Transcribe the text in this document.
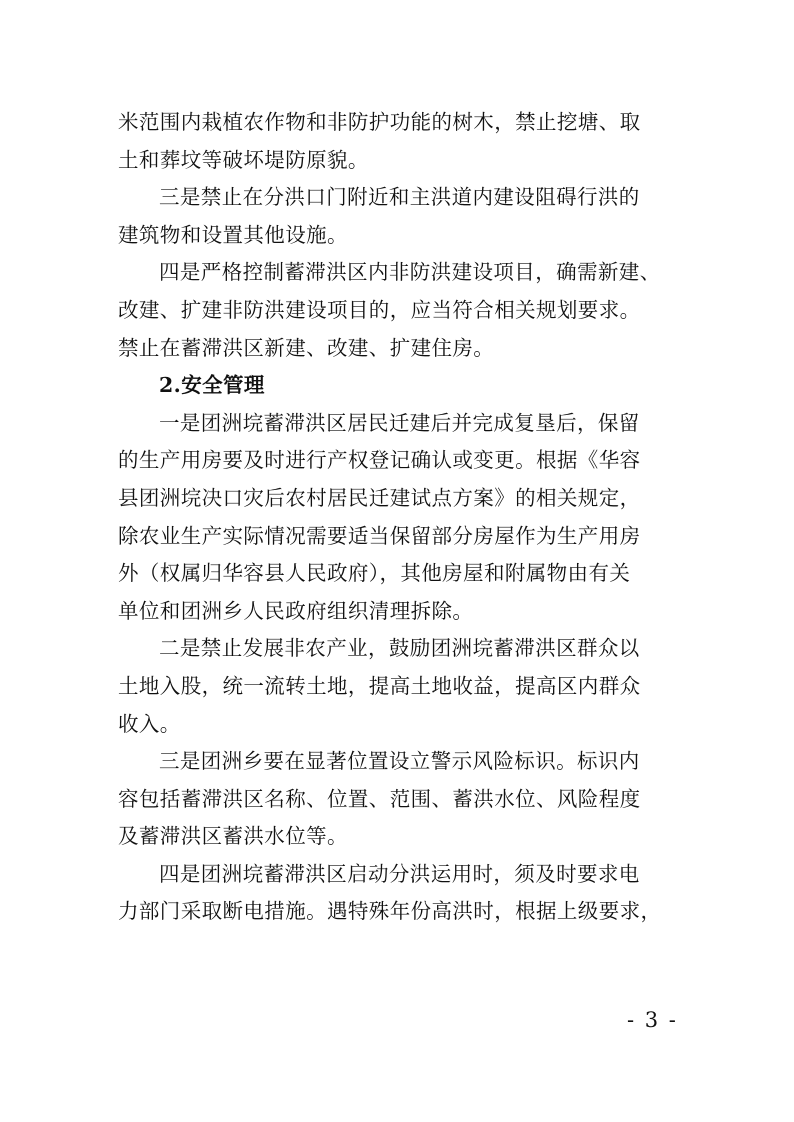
米范围内栽植农作物和非防护功能的树木，禁止挖塘、取

土和葬坟等破坏堤防原貌。

三是禁止在分洪口门附近和主洪道内建设阻碍行洪的

建筑物和设置其他设施。

四是严格控制蓄滞洪区内非防洪建设项目，确需新建、

改建、扩建非防洪建设项目的，应当符合相关规划要求。

禁止在蓄滞洪区新建、改建、扩建住房。

2.安全管理

一是团洲垸蓄滞洪区居民迁建后并完成复垦后，保留

的生产用房要及时进行产权登记确认或变更。根据《华容

县团洲垸决口灾后农村居民迁建试点方案》的相关规定，

除农业生产实际情况需要适当保留部分房屋作为生产用房

外（权属归华容县人民政府），其他房屋和附属物由有关

单位和团洲乡人民政府组织清理拆除。

二是禁止发展非农产业，鼓励团洲垸蓄滞洪区群众以

土地入股，统一流转土地，提高土地收益，提高区内群众

收入。

三是团洲乡要在显著位置设立警示风险标识。标识内

容包括蓄滞洪区名称、位置、范围、蓄洪水位、风险程度

及蓄滞洪区蓄洪水位等。

四是团洲垸蓄滞洪区启动分洪运用时，须及时要求电

力部门采取断电措施。遇特殊年份高洪时，根据上级要求，

- 3 -
